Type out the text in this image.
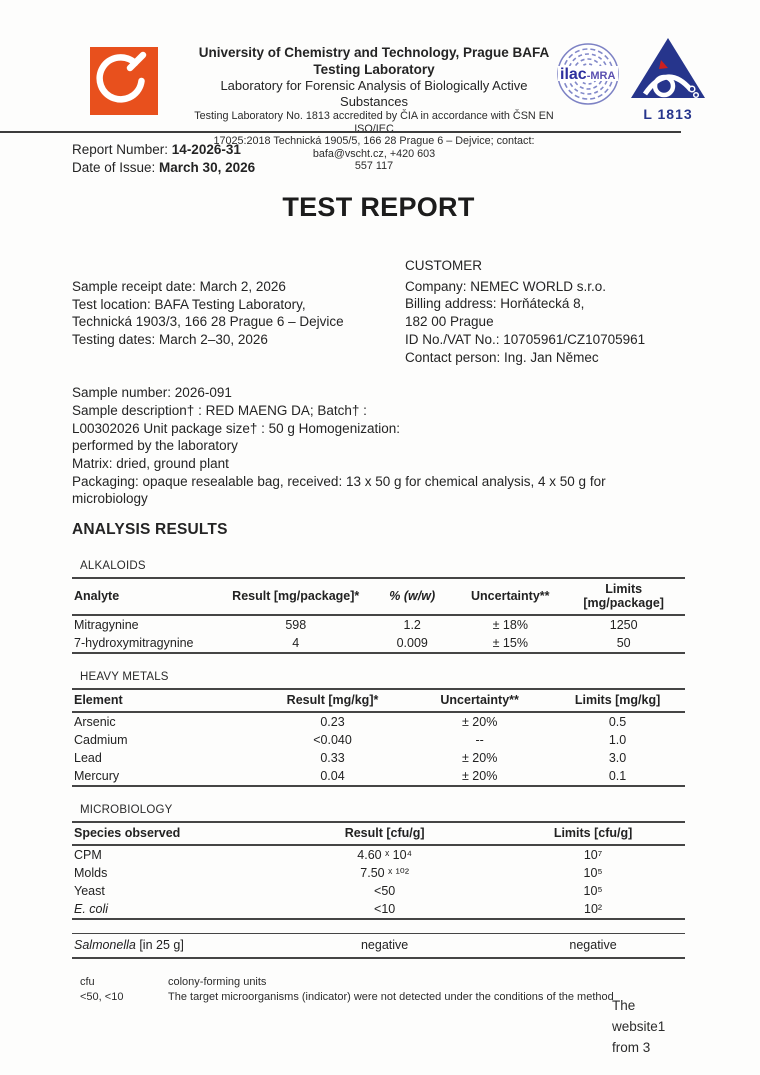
University of Chemistry and Technology, Prague BAFA
Testing Laboratory
Laboratory for Forensic Analysis of Biologically Active
Substances
Testing Laboratory No. 1813 accredited by ČIA in accordance with ČSN EN ISO/IEC
17025:2018 Technická 1905/5, 166 28 Prague 6 – Dejvice; contact: bafa@vscht.cz, +420 603
557 117
ilac-MRA
L 1813
Report Number: 14-2026-31
Date of Issue: March 30, 2026
TEST REPORT
Sample receipt date: March 2, 2026
Test location: BAFA Testing Laboratory,
Technická 1903/3, 166 28 Prague 6 – Dejvice
Testing dates: March 2–30, 2026
CUSTOMER
Company: NEMEC WORLD s.r.o.
Billing address: Horňátecká 8,
182 00 Prague
ID No./VAT No.: 10705961/CZ10705961
Contact person: Ing. Jan Němec
Sample number: 2026-091
Sample description† : RED MAENG DA; Batch† :
L00302026 Unit package size† : 50 g Homogenization:
performed by the laboratory
Matrix: dried, ground plant
Packaging: opaque resealable bag, received: 13 x 50 g for chemical analysis, 4 x 50 g for microbiology
ANALYSIS RESULTS
ALKALOIDS
Analyte	Result [mg/package]*	% (w/w)	Uncertainty**	Limits [mg/package]
Mitragynine	598	1.2	± 18%	1250
7-hydroxymitragynine	4	0.009	± 15%	50
HEAVY METALS
Element	Result [mg/kg]*	Uncertainty**	Limits [mg/kg]
Arsenic	0.23	± 20%	0.5
Cadmium	<0.040	--	1.0
Lead	0.33	± 20%	3.0
Mercury	0.04	± 20%	0.1
MICROBIOLOGY
Species observed	Result [cfu/g]	Limits [cfu/g]
CPM	4.60 ˣ 10⁴	10⁷
Molds	7.50 ˣ ¹⁰²	10⁵
Yeast	<50	10⁵
E. coli	<10	10²
Salmonella [in 25 g]	negative	negative
cfu	colony-forming units
<50, <10	The target microorganisms (indicator) were not detected under the conditions of the method
The
website1
from 3
